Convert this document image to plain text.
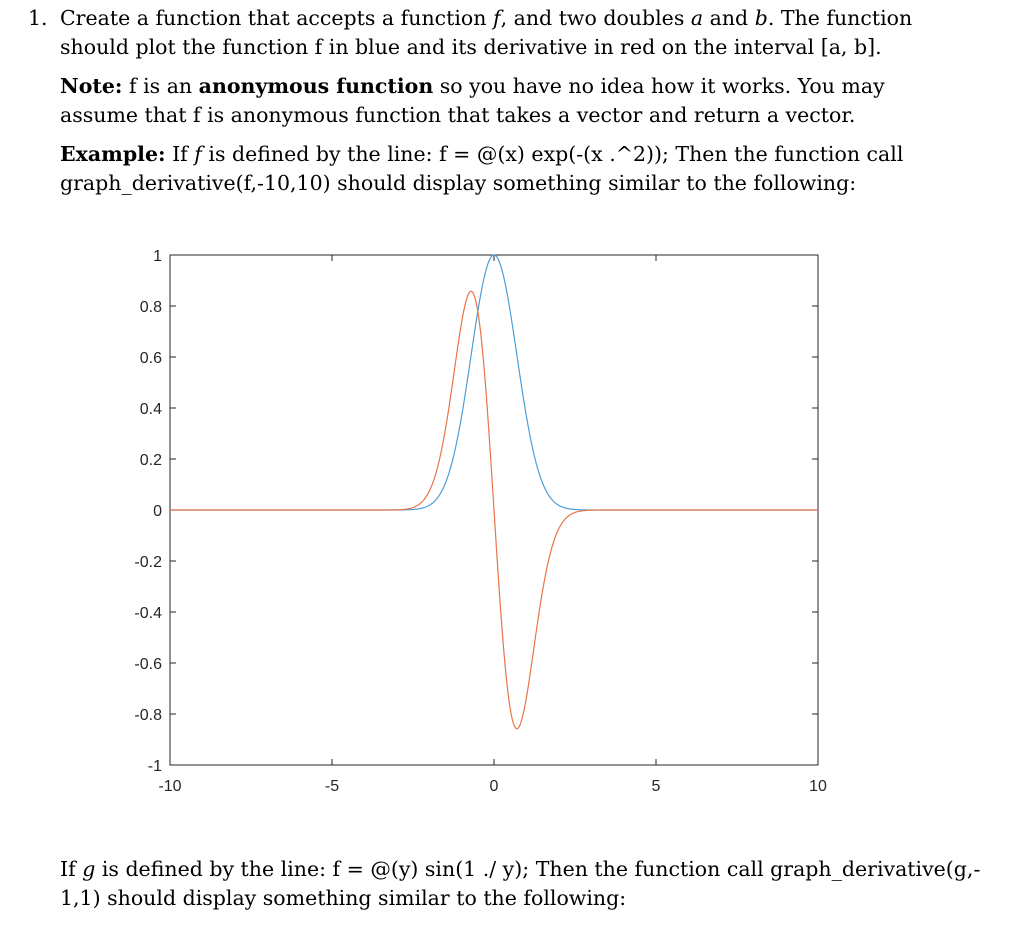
1. Create a function that accepts a function f, and two doubles a and b. The function
should plot the function f in blue and its derivative in red on the interval [a, b].

Note: f is an anonymous function so you have no idea how it works. You may
assume that f is anonymous function that takes a vector and return a vector.

Example: If f is defined by the line: f = @(x) exp(-(x .^2)); Then the function call
graph_derivative(f,-10,10) should display something similar to the following:

-10	-5	0	5	10
1
0.8
0.6
0.4
0.2
0
-0.2
-0.4
-0.6
-0.8
-1

If g is defined by the line: f = @(y) sin(1 ./ y); Then the function call graph_derivative(g,-
1,1) should display something similar to the following:
